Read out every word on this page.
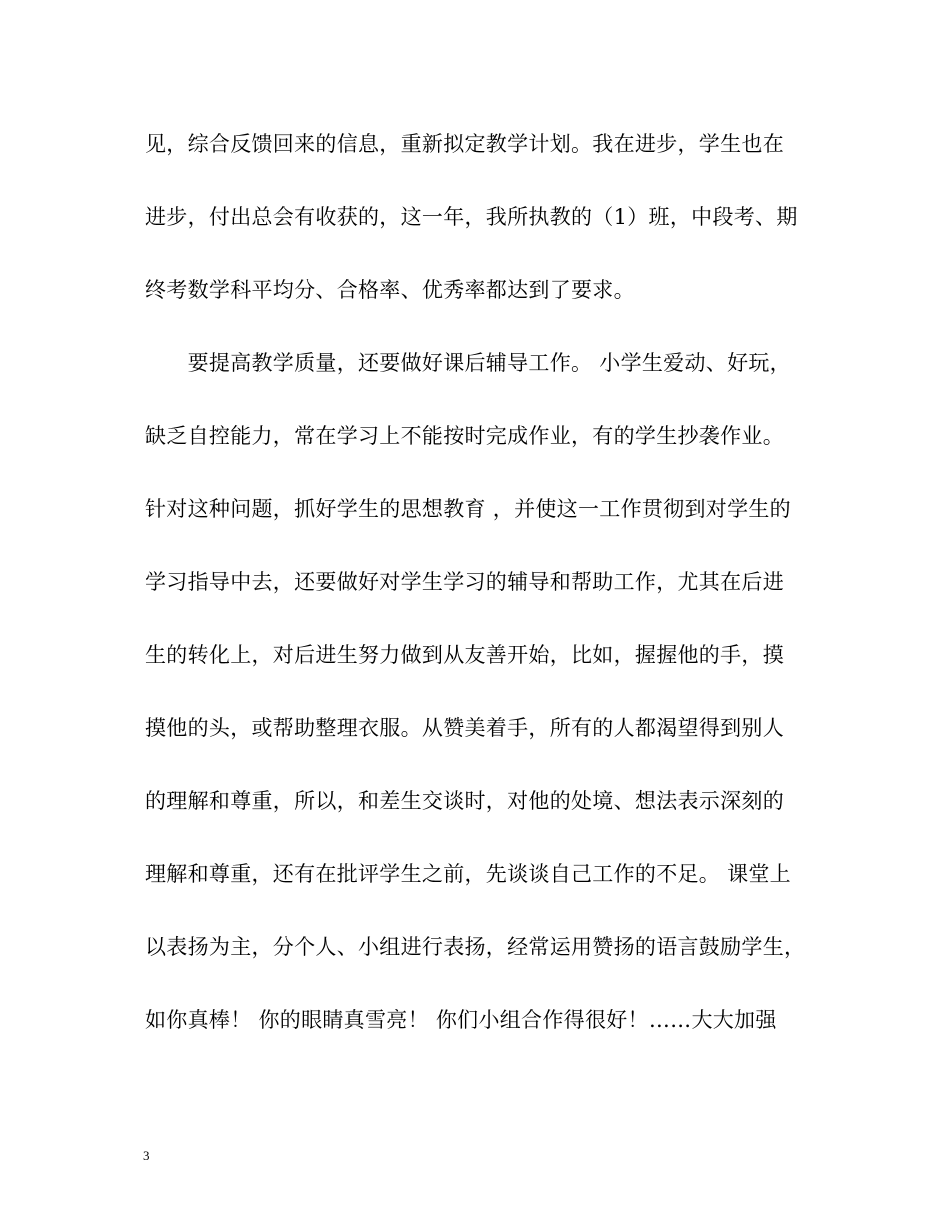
见，综合反馈回来的信息，重新拟定教学计划。我在进步，学生也在
进步，付出总会有收获的，这一年，我所执教的（1）班，中段考、期
终考数学科平均分、合格率、优秀率都达到了要求。
　　要提高教学质量，还要做好课后辅导工作。 小学生爱动、好玩，
缺乏自控能力，常在学习上不能按时完成作业，有的学生抄袭作业。
针对这种问题，抓好学生的思想教育 ，并使这一工作贯彻到对学生的
学习指导中去，还要做好对学生学习的辅导和帮助工作，尤其在后进
生的转化上，对后进生努力做到从友善开始，比如，握握他的手，摸
摸他的头，或帮助整理衣服。从赞美着手，所有的人都渴望得到别人
的理解和尊重，所以，和差生交谈时，对他的处境、想法表示深刻的
理解和尊重，还有在批评学生之前，先谈谈自己工作的不足。 课堂上
以表扬为主，分个人、小组进行表扬，经常运用赞扬的语言鼓励学生，
如你真棒！ 你的眼睛真雪亮！ 你们小组合作得很好！……大大加强
3
